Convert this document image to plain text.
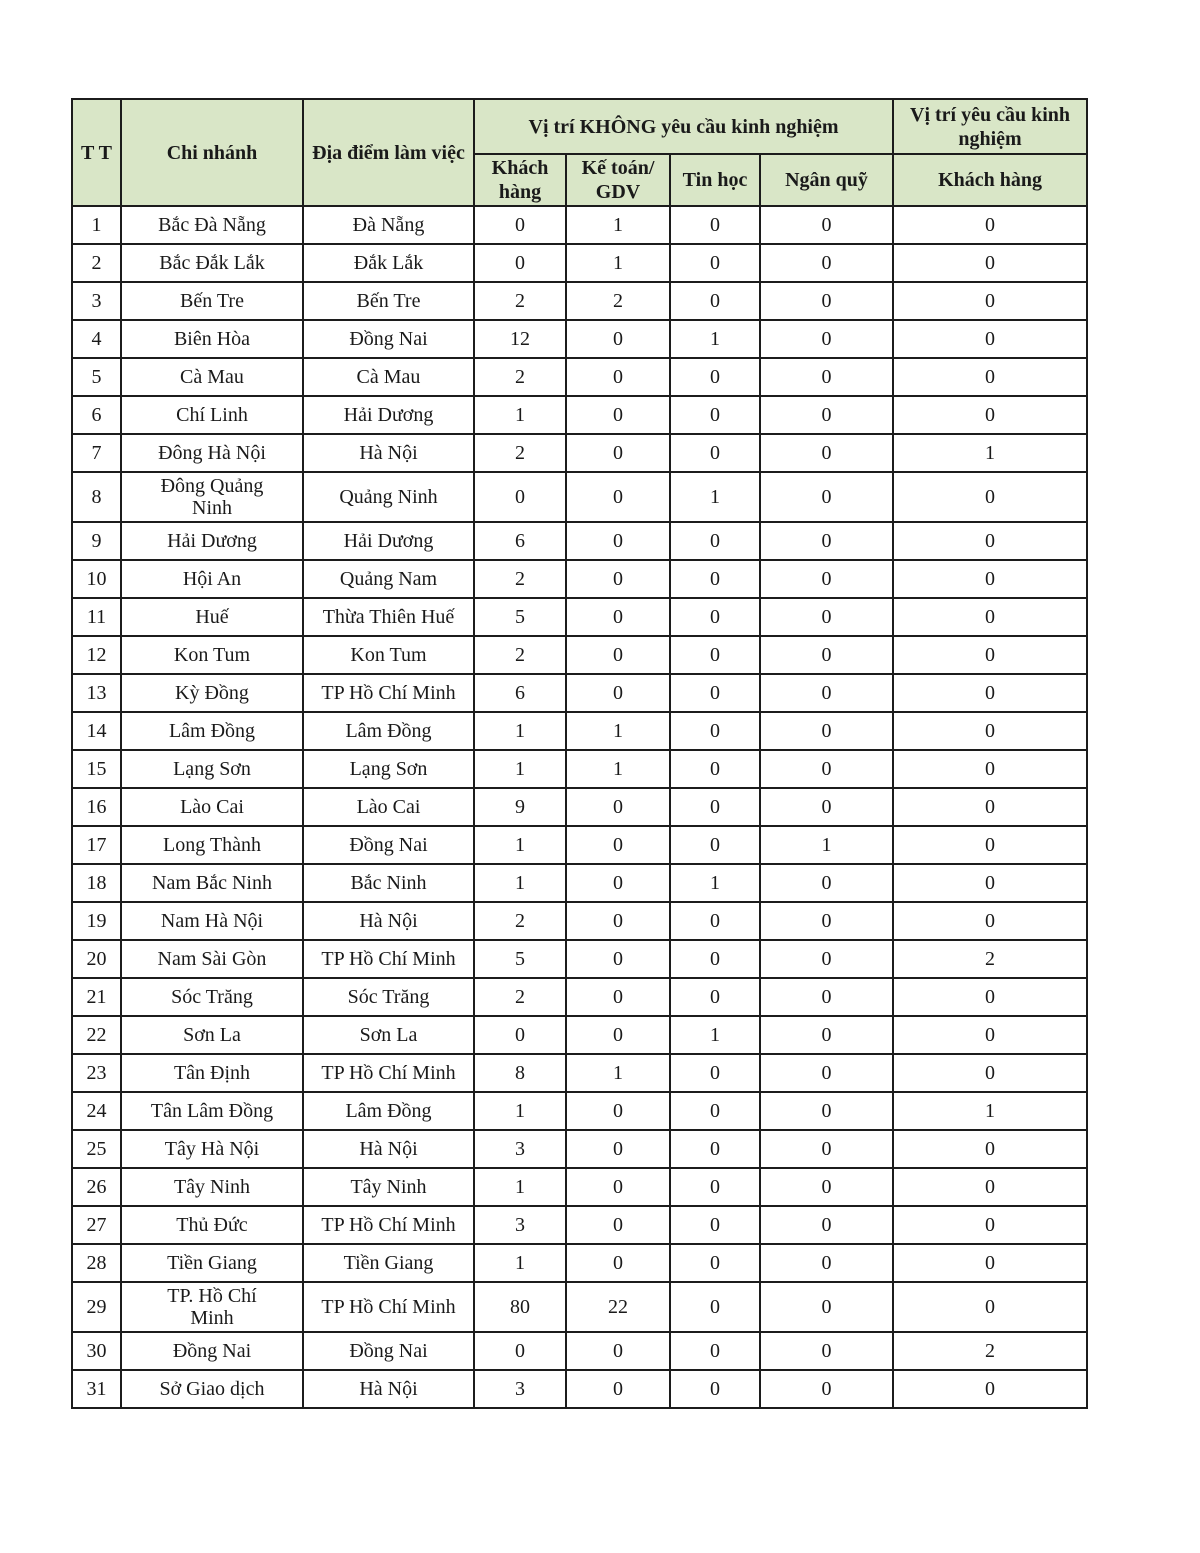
T T	Chi nhánh	Địa điểm làm việc	Vị trí KHÔNG yêu cầu kinh nghiệm				Vị trí yêu cầu kinh nghiệm
			Khách hàng	Kế toán/ GDV	Tin học	Ngân quỹ	Khách hàng
1	Bắc Đà Nẵng	Đà Nẵng	0	1	0	0	0
2	Bắc Đắk Lắk	Đắk Lắk	0	1	0	0	0
3	Bến Tre	Bến Tre	2	2	0	0	0
4	Biên Hòa	Đồng Nai	12	0	1	0	0
5	Cà Mau	Cà Mau	2	0	0	0	0
6	Chí Linh	Hải Dương	1	0	0	0	0
7	Đông Hà Nội	Hà Nội	2	0	0	0	1
8	Đông Quảng Ninh	Quảng Ninh	0	0	1	0	0
9	Hải Dương	Hải Dương	6	0	0	0	0
10	Hội An	Quảng Nam	2	0	0	0	0
11	Huế	Thừa Thiên Huế	5	0	0	0	0
12	Kon Tum	Kon Tum	2	0	0	0	0
13	Kỳ Đồng	TP Hồ Chí Minh	6	0	0	0	0
14	Lâm Đồng	Lâm Đồng	1	1	0	0	0
15	Lạng Sơn	Lạng Sơn	1	1	0	0	0
16	Lào Cai	Lào Cai	9	0	0	0	0
17	Long Thành	Đồng Nai	1	0	0	1	0
18	Nam Bắc Ninh	Bắc Ninh	1	0	1	0	0
19	Nam Hà Nội	Hà Nội	2	0	0	0	0
20	Nam Sài Gòn	TP Hồ Chí Minh	5	0	0	0	2
21	Sóc Trăng	Sóc Trăng	2	0	0	0	0
22	Sơn La	Sơn La	0	0	1	0	0
23	Tân Định	TP Hồ Chí Minh	8	1	0	0	0
24	Tân Lâm Đồng	Lâm Đồng	1	0	0	0	1
25	Tây Hà Nội	Hà Nội	3	0	0	0	0
26	Tây Ninh	Tây Ninh	1	0	0	0	0
27	Thủ Đức	TP Hồ Chí Minh	3	0	0	0	0
28	Tiền Giang	Tiền Giang	1	0	0	0	0
29	TP. Hồ Chí Minh	TP Hồ Chí Minh	80	22	0	0	0
30	Đồng Nai	Đồng Nai	0	0	0	0	2
31	Sở Giao dịch	Hà Nội	3	0	0	0	0
